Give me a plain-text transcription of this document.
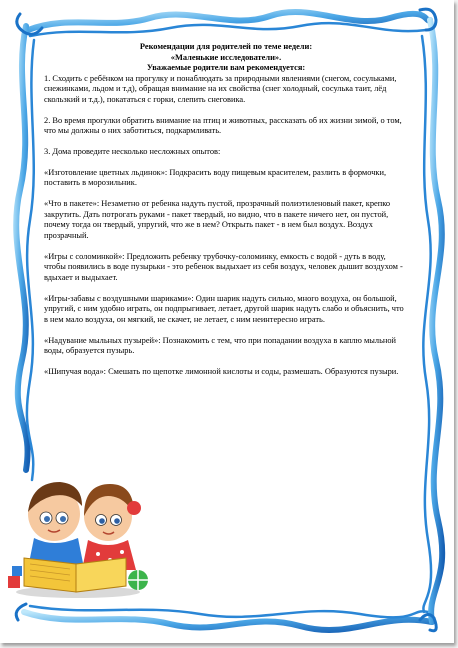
Рекомендации для родителей по теме недели:

«Маленькие исследователи».

Уважаемые родители вам рекомендуется:

1. Сходить с ребёнком на прогулку и понаблюдать за природными явлениями (снегом, сосульками, снежинками, льдом и т.д), обращая внимание на их свойства (снег холодный, сосулька таит, лёд скользкий и т.д.), покататься с горки, слепить снеговика.

2. Во время прогулки обратить внимание на птиц и животных, рассказать об их жизни зимой, о том, что мы должны о них заботиться, подкармливать.

3. Дома проведите несколько несложных опытов:

«Изготовление цветных льдинок»: Подкрасить воду пищевым красителем, разлить в формочки, поставить в морозильник.

«Что в пакете»: Незаметно от ребенка надуть пустой, прозрачный полиэтиленовый пакет, крепко закрутить. Дать потрогать руками - пакет твердый, но видно, что в пакете ничего нет, он пустой, почему тогда он твердый, упругий, что же в нем? Открыть пакет - в нем был воздух. Воздух прозрачный.

«Игры с соломинкой»: Предложить ребенку трубочку-соломинку, емкость с водой - дуть в воду, чтобы появились в воде пузырьки - это ребенок выдыхает из себя воздух, человек дышит воздухом - вдыхает и выдыхает.

«Игры-забавы с воздушными шариками»: Один шарик надуть сильно, много воздуха, он большой, упругий, с ним удобно играть, он подпрыгивает, летает, другой шарик надуть слабо и объяснить, что в нем мало воздуха, он мягкий, не скачет, не летает, с ним неинтересно играть.

«Надувание мыльных пузырей»: Познакомить с тем, что при попадании воздуха в каплю мыльной воды, образуется пузырь.

«Шипучая вода»: Смешать по щепотке лимонной кислоты и соды, размешать. Образуются пузыри.
